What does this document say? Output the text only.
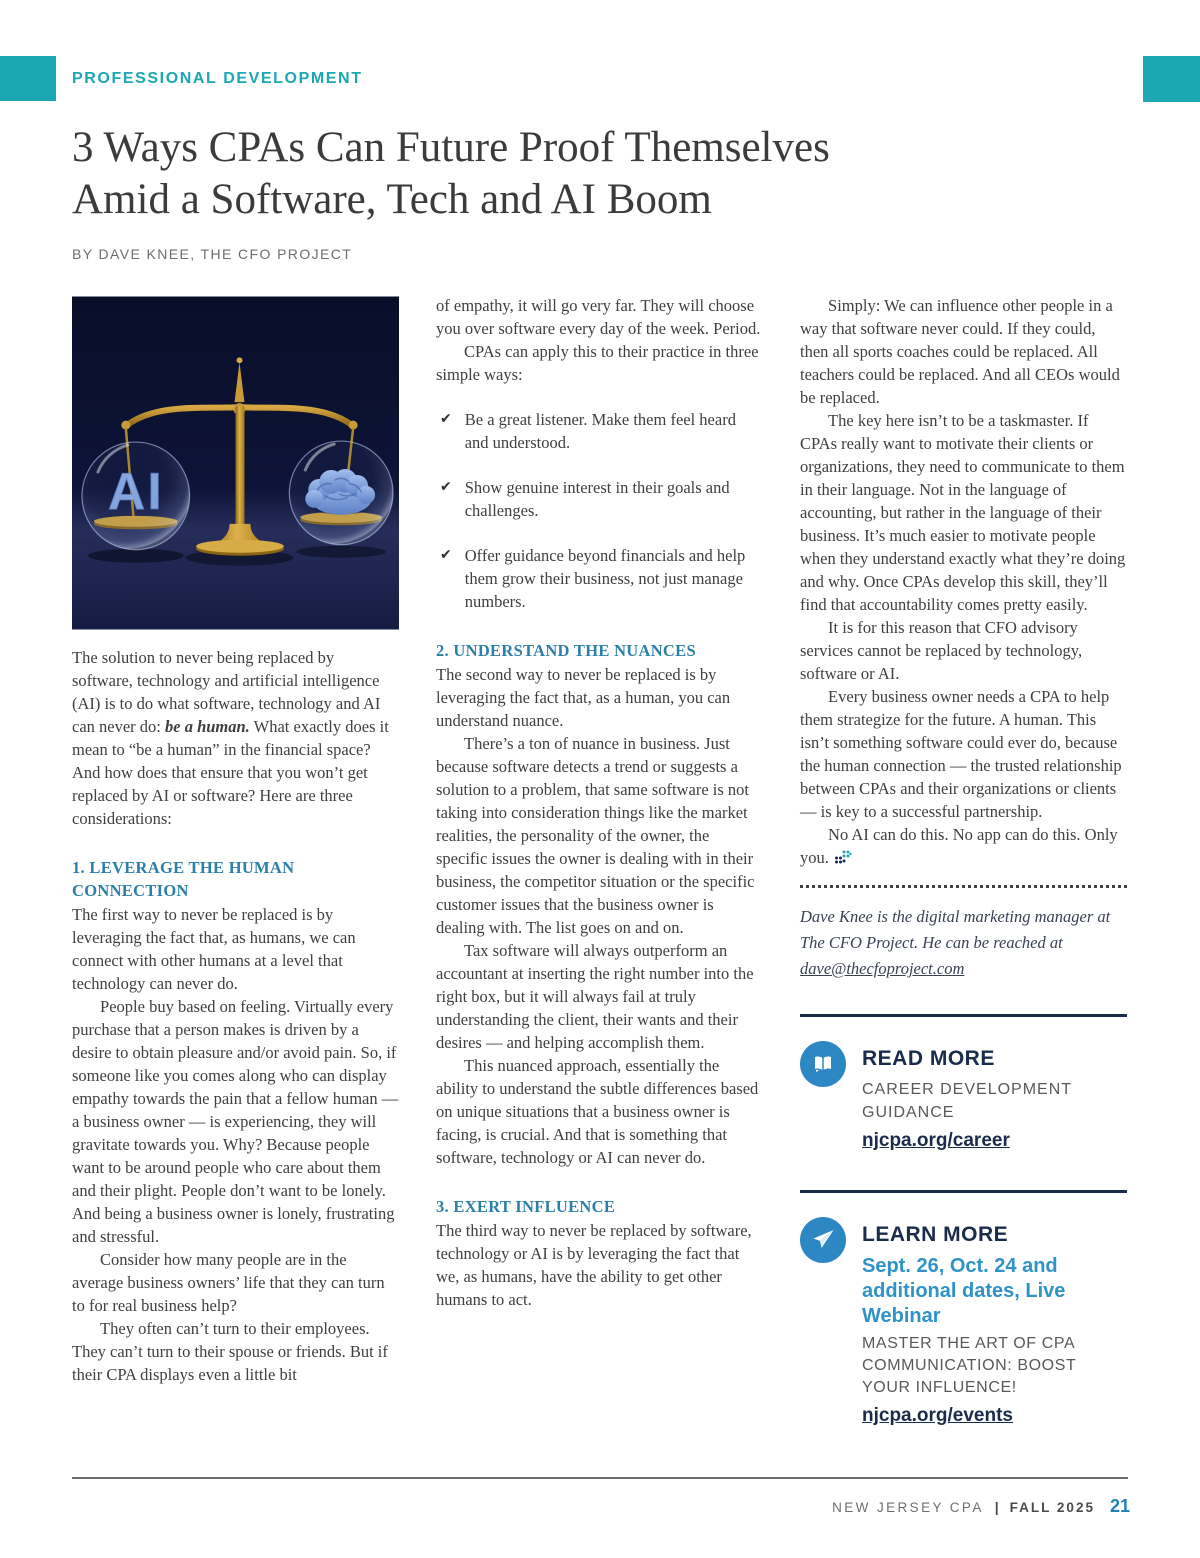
PROFESSIONAL DEVELOPMENT
3 Ways CPAs Can Future Proof Themselves
Amid a Software, Tech and AI Boom
BY DAVE KNEE, THE CFO PROJECT

The solution to never being replaced by software, technology and artificial intelligence (AI) is to do what software, technology and AI can never do: be a human. What exactly does it mean to “be a human” in the financial space? And how does that ensure that you won’t get replaced by AI or software? Here are three considerations:

1. LEVERAGE THE HUMAN CONNECTION

The first way to never be replaced is by leveraging the fact that, as humans, we can connect with other humans at a level that technology can never do.

People buy based on feeling. Virtually every purchase that a person makes is driven by a desire to obtain pleasure and/or avoid pain. So, if someone like you comes along who can display empathy towards the pain that a fellow human — a business owner — is experiencing, they will gravitate towards you. Why? Because people want to be around people who care about them and their plight. People don’t want to be lonely. And being a business owner is lonely, frustrating and stressful.

Consider how many people are in the average business owners’ life that they can turn to for real business help?

They often can’t turn to their employees. They can’t turn to their spouse or friends. But if their CPA displays even a little bit

of empathy, it will go very far. They will choose you over software every day of the week. Period.

CPAs can apply this to their practice in three simple ways:

✔ Be a great listener. Make them feel heard and understood.
✔ Show genuine interest in their goals and challenges.
✔ Offer guidance beyond financials and help them grow their business, not just manage numbers.
2. UNDERSTAND THE NUANCES

The second way to never be replaced is by leveraging the fact that, as a human, you can understand nuance.

There’s a ton of nuance in business. Just because software detects a trend or suggests a solution to a problem, that same software is not taking into consideration things like the market realities, the personality of the owner, the specific issues the owner is dealing with in their business, the competitor situation or the specific customer issues that the business owner is dealing with. The list goes on and on.

Tax software will always outperform an accountant at inserting the right number into the right box, but it will always fail at truly understanding the client, their wants and their desires — and helping accomplish them.

This nuanced approach, essentially the ability to understand the subtle differences based on unique situations that a business owner is facing, is crucial. And that is something that software, technology or AI can never do.

3. EXERT INFLUENCE

The third way to never be replaced by software, technology or AI is by leveraging the fact that we, as humans, have the ability to get other humans to act.

Simply: We can influence other people in a way that software never could. If they could, then all sports coaches could be replaced. All teachers could be replaced. And all CEOs would be replaced.

The key here isn’t to be a taskmaster. If CPAs really want to motivate their clients or organizations, they need to communicate to them in their language. Not in the language of accounting, but rather in the language of their business. It’s much easier to motivate people when they understand exactly what they’re doing and why. Once CPAs develop this skill, they’ll find that accountability comes pretty easily.

It is for this reason that CFO advisory services cannot be replaced by technology, software or AI.

Every business owner needs a CPA to help them strategize for the future. A human. This isn’t something software could ever do, because the human connection — the trusted relationship between CPAs and their organizations or clients — is key to a successful partnership.

No AI can do this. No app can do this. Only you.

Dave Knee is the digital marketing manager at The CFO Project. He can be reached at dave@thecfoproject.com

READ MORE
CAREER DEVELOPMENT GUIDANCE
njcpa.org/career
LEARN MORE
Sept. 26, Oct. 24 and additional dates, Live Webinar
MASTER THE ART OF CPA COMMUNICATION: BOOST YOUR INFLUENCE!
njcpa.org/events
NEW JERSEY CPA | FALL 2025 21
